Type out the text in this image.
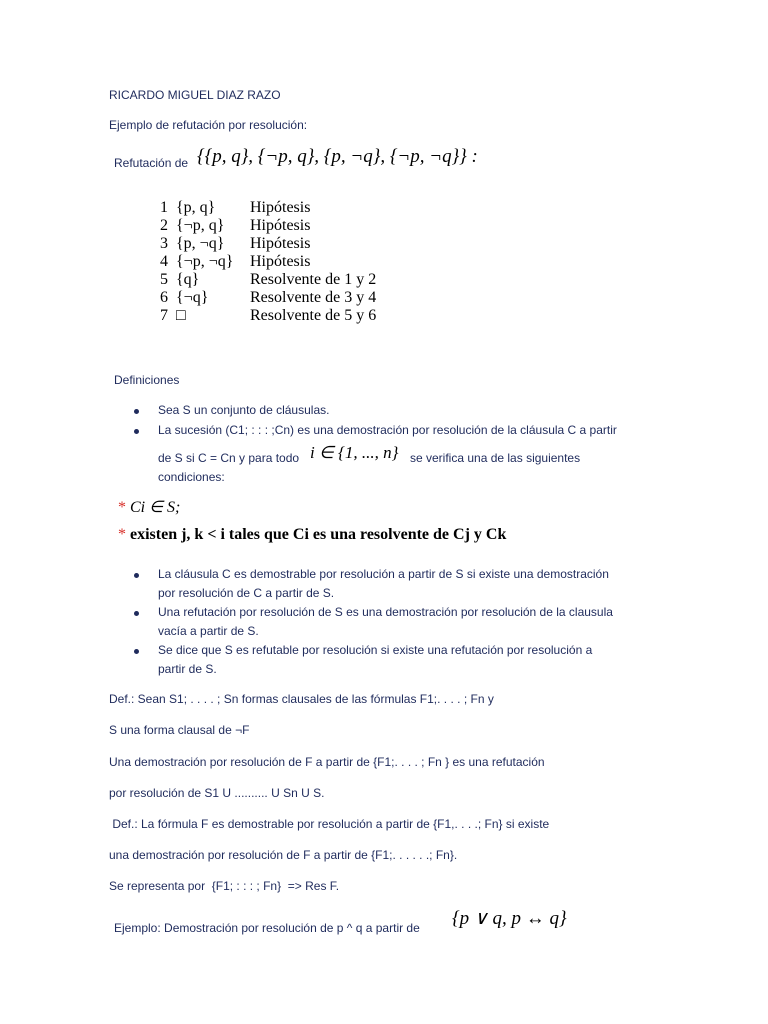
RICARDO MIGUEL DIAZ RAZO
Ejemplo de refutación por resolución:
Refutación de {{p, q}, {¬p, q}, {p, ¬q}, {¬p, ¬q}} :
1	{p, q}	Hipótesis
2	{¬p, q}	Hipótesis
3	{p, ¬q}	Hipótesis
4	{¬p, ¬q}	Hipótesis
5	{q}	Resolvente de 1 y 2
6	{¬q}	Resolvente de 3 y 4
7	□	Resolvente de 5 y 6
Definiciones
Sea S un conjunto de cláusulas.
La sucesión (C1; : : : ;Cn) es una demostración por resolución de la cláusula C a partir
de S si C = Cn y para todo i ∈ {1, ..., n} se verifica una de las siguientes
condiciones:
* Ci ∈ S;
* existen j, k < i tales que Ci es una resolvente de Cj y Ck
La cláusula C es demostrable por resolución a partir de S si existe una demostración
por resolución de C a partir de S.
Una refutación por resolución de S es una demostración por resolución de la clausula
vacía a partir de S.
Se dice que S es refutable por resolución si existe una refutación por resolución a
partir de S.
Def.: Sean S1; . . . . ; Sn formas clausales de las fórmulas F1;. . . . ; Fn y
S una forma clausal de ¬F
Una demostración por resolución de F a partir de {F1;. . . . ; Fn } es una refutación
por resolución de S1 U .......... U Sn U S.
Def.: La fórmula F es demostrable por resolución a partir de {F1,. . . .; Fn} si existe
una demostración por resolución de F a partir de {F1;. . . . . .; Fn}.
Se representa por  {F1; : : : ; Fn}  => Res F.
Ejemplo: Demostración por resolución de p ^ q a partir de {p ∨ q, p ↔ q}
